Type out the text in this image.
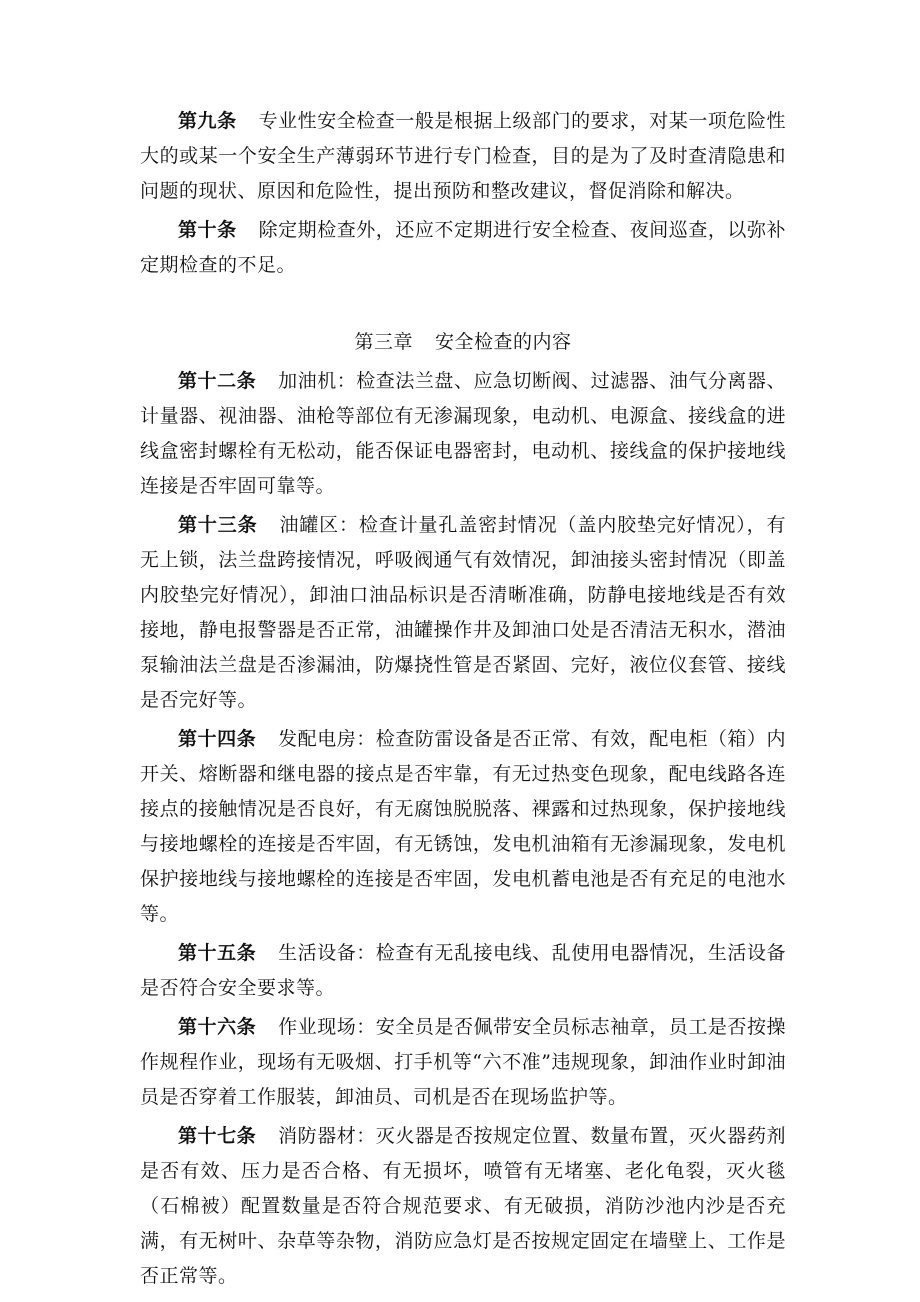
第九条 专业性安全检查一般是根据上级部门的要求，对某一项危险性大的或某一个安全生产薄弱环节进行专门检查，目的是为了及时查清隐患和问题的现状、原因和危险性，提出预防和整改建议，督促消除和解决。

第十条 除定期检查外，还应不定期进行安全检查、夜间巡查，以弥补定期检查的不足。

第三章 安全检查的内容

第十二条 加油机：检查法兰盘、应急切断阀、过滤器、油气分离器、计量器、视油器、油枪等部位有无渗漏现象，电动机、电源盒、接线盒的进线盒密封螺栓有无松动，能否保证电器密封，电动机、接线盒的保护接地线连接是否牢固可靠等。

第十三条 油罐区：检查计量孔盖密封情况（盖内胶垫完好情况），有无上锁，法兰盘跨接情况，呼吸阀通气有效情况，卸油接头密封情况（即盖内胶垫完好情况），卸油口油品标识是否清晰准确，防静电接地线是否有效接地，静电报警器是否正常，油罐操作井及卸油口处是否清洁无积水，潜油泵输油法兰盘是否渗漏油，防爆挠性管是否紧固、完好，液位仪套管、接线是否完好等。

第十四条 发配电房：检查防雷设备是否正常、有效，配电柜（箱）内开关、熔断器和继电器的接点是否牢靠，有无过热变色现象，配电线路各连接点的接触情况是否良好，有无腐蚀脱脱落、裸露和过热现象，保护接地线与接地螺栓的连接是否牢固，有无锈蚀，发电机油箱有无渗漏现象，发电机保护接地线与接地螺栓的连接是否牢固，发电机蓄电池是否有充足的电池水等。

第十五条 生活设备：检查有无乱接电线、乱使用电器情况，生活设备是否符合安全要求等。

第十六条 作业现场：安全员是否佩带安全员标志袖章，员工是否按操作规程作业，现场有无吸烟、打手机等“六不准”违规现象，卸油作业时卸油员是否穿着工作服装，卸油员、司机是否在现场监护等。

第十七条 消防器材：灭火器是否按规定位置、数量布置，灭火器药剂是否有效、压力是否合格、有无损坏，喷管有无堵塞、老化龟裂，灭火毯（石棉被）配置数量是否符合规范要求、有无破损，消防沙池内沙是否充满，有无树叶、杂草等杂物，消防应急灯是否按规定固定在墙壁上、工作是否正常等。
